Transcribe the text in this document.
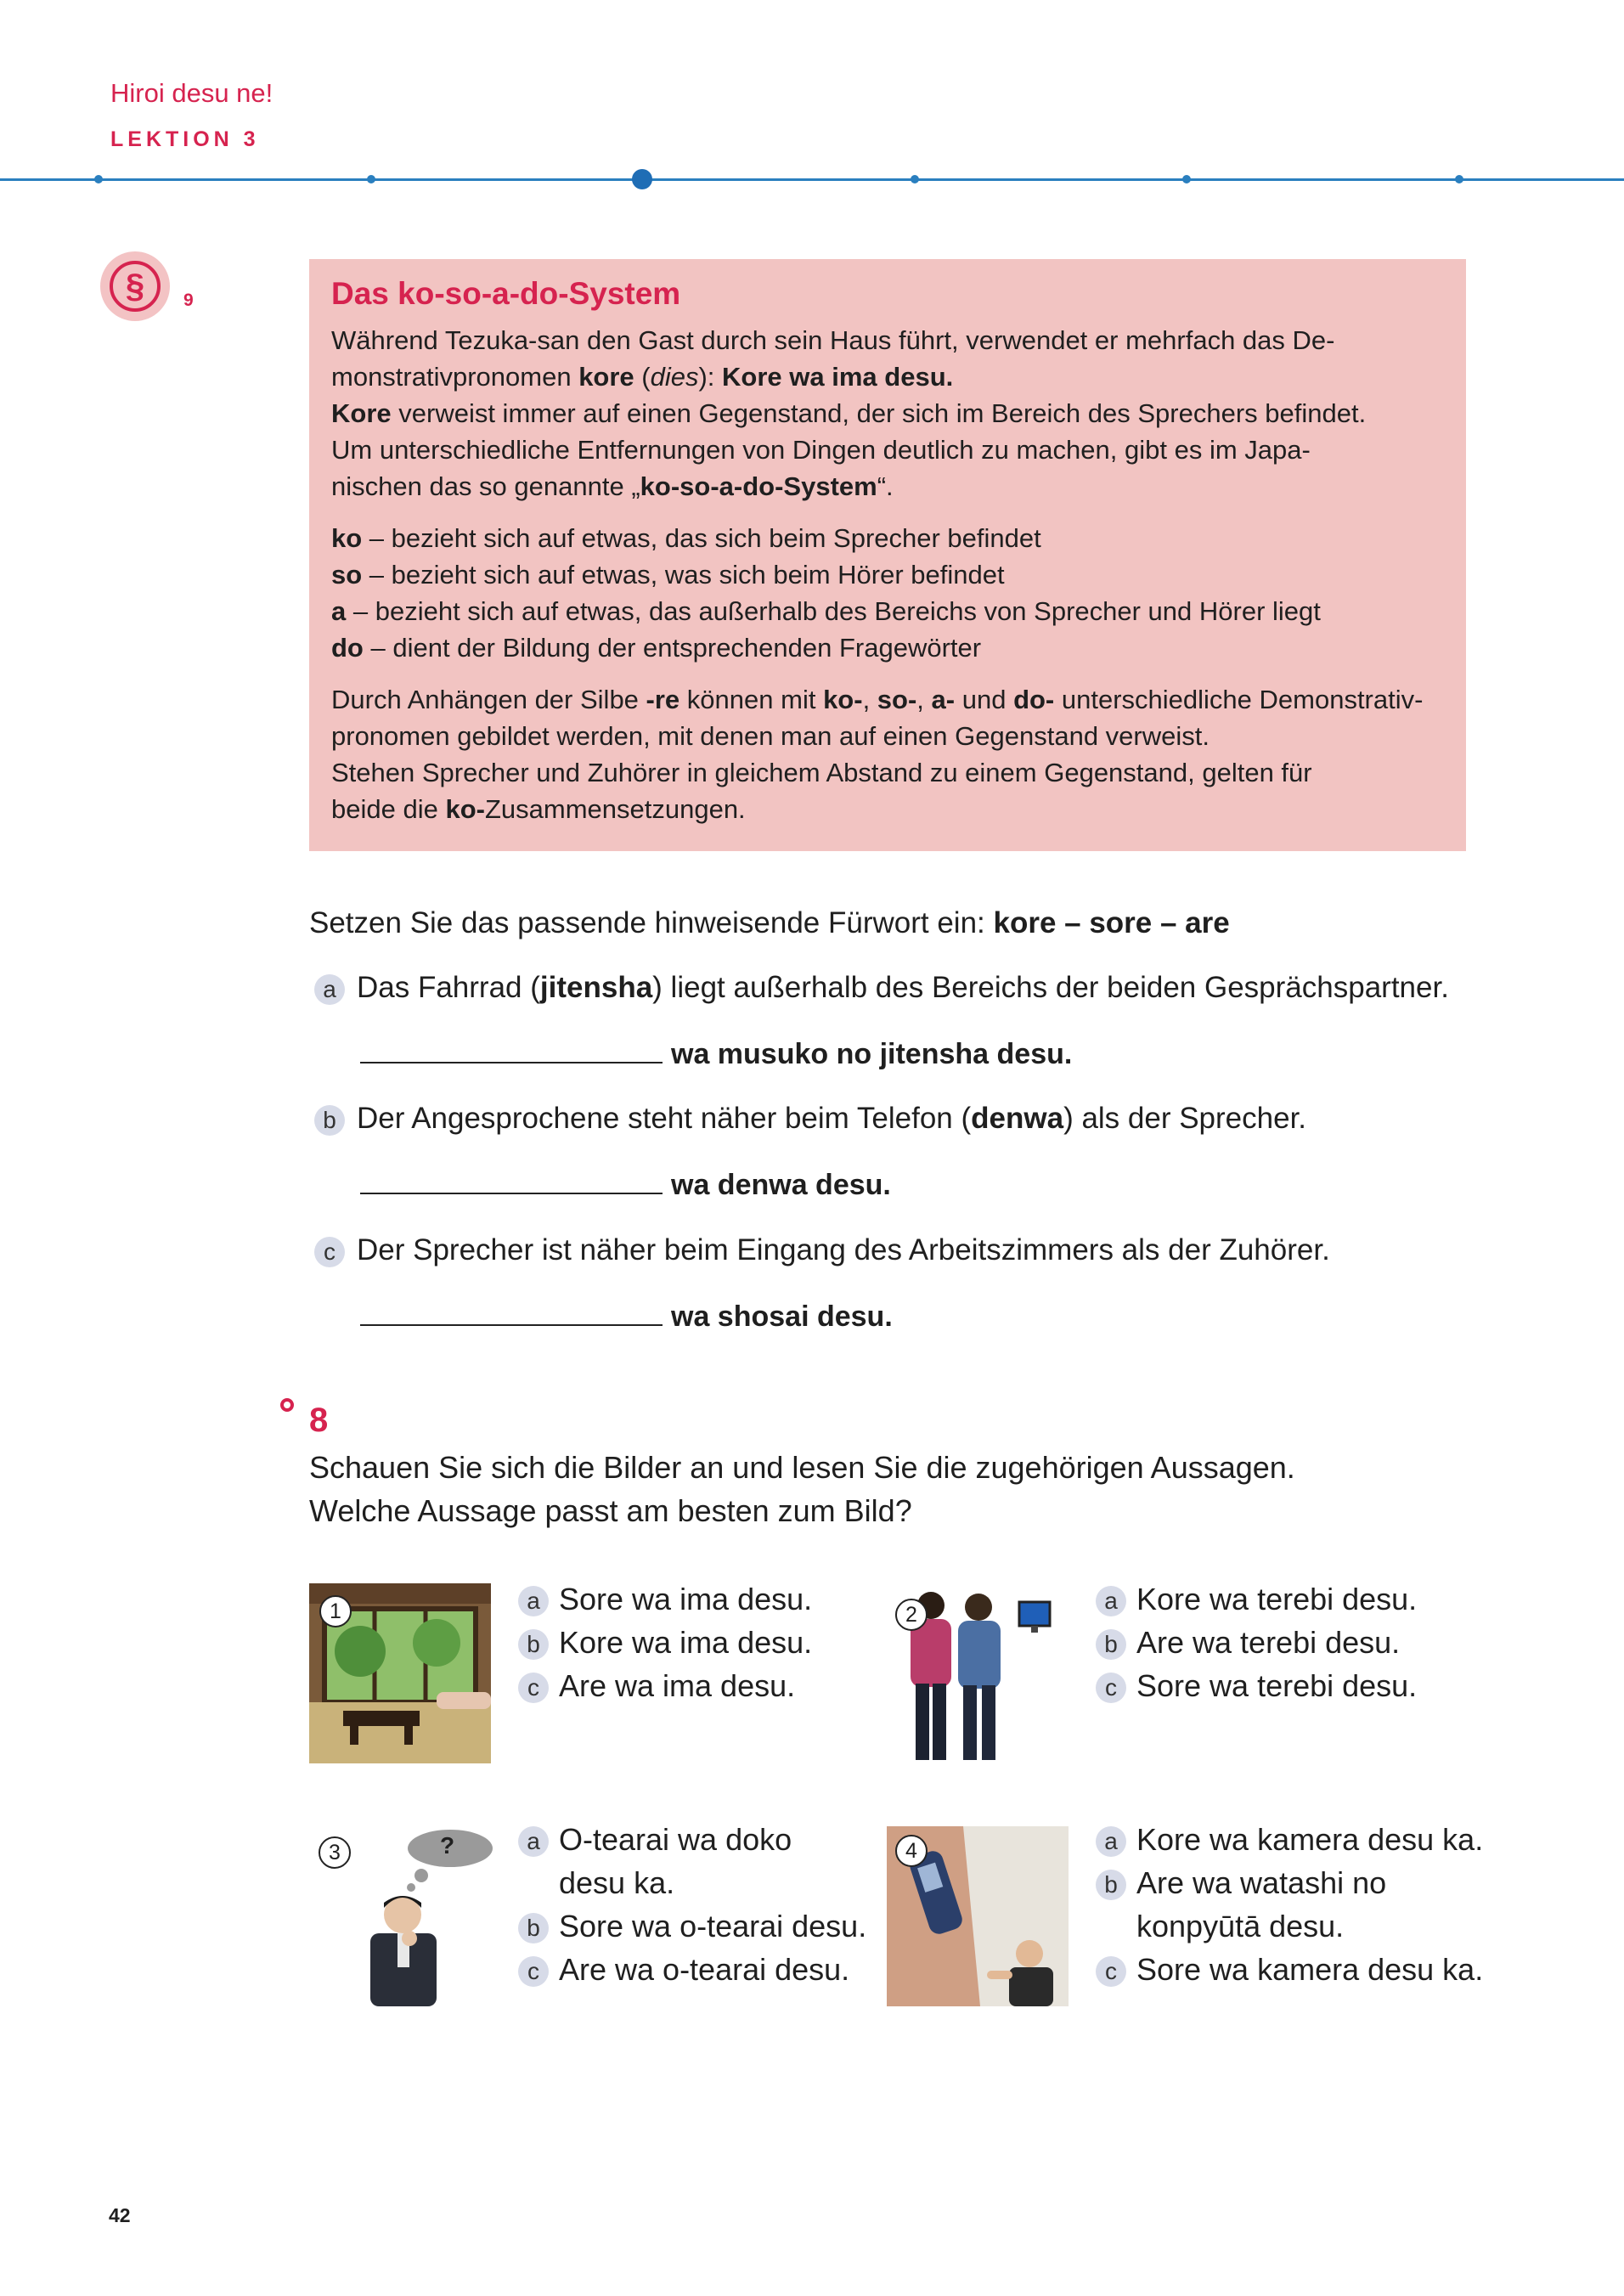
Hiroi desu ne!
LEKTION 3
§	9	Das ko-so-a-do-System

Während Tezuka-san den Gast durch sein Haus führt, verwendet er mehrfach das De-
monstrativpronomen kore (dies): Kore wa ima desu.
Kore verweist immer auf einen Gegenstand, der sich im Bereich des Sprechers befindet.
Um unterschiedliche Entfernungen von Dingen deutlich zu machen, gibt es im Japa-
nischen das so genannte „ko-so-a-do-System“.

ko – bezieht sich auf etwas, das sich beim Sprecher befindet
so – bezieht sich auf etwas, was sich beim Hörer befindet
a – bezieht sich auf etwas, das außerhalb des Bereichs von Sprecher und Hörer liegt
do – dient der Bildung der entsprechenden Fragewörter

Durch Anhängen der Silbe -re können mit ko-, so-, a- und do- unterschiedliche Demonstrativ-
pronomen gebildet werden, mit denen man auf einen Gegenstand verweist.
Stehen Sprecher und Zuhörer in gleichem Abstand zu einem Gegenstand, gelten für
beide die ko-Zusammensetzungen.

Setzen Sie das passende hinweisende Fürwort ein: kore – sore – are
a Das Fahrrad (jitensha) liegt außerhalb des Bereichs der beiden Gesprächspartner.
wa musuko no jitensha desu.
b Der Angesprochene steht näher beim Telefon (denwa) als der Sprecher.
wa denwa desu.
c Der Sprecher ist näher beim Eingang des Arbeitszimmers als der Zuhörer.
wa shosai desu.
8
Schauen Sie sich die Bilder an und lesen Sie die zugehörigen Aussagen.
Welche Aussage passt am besten zum Bild?
1	a Sore wa ima desu.
b Kore wa ima desu.
c Are wa ima desu.
2
a Kore wa terebi desu.
b Are wa terebi desu.
c Sore wa terebi desu.
?
3	a O-tearai wa doko
desu ka.
b Sore wa o-tearai desu.
c Are wa o-tearai desu.
4	a Kore wa kamera desu ka.
b Are wa watashi no
konpyūtā desu.
c Sore wa kamera desu ka.
42
